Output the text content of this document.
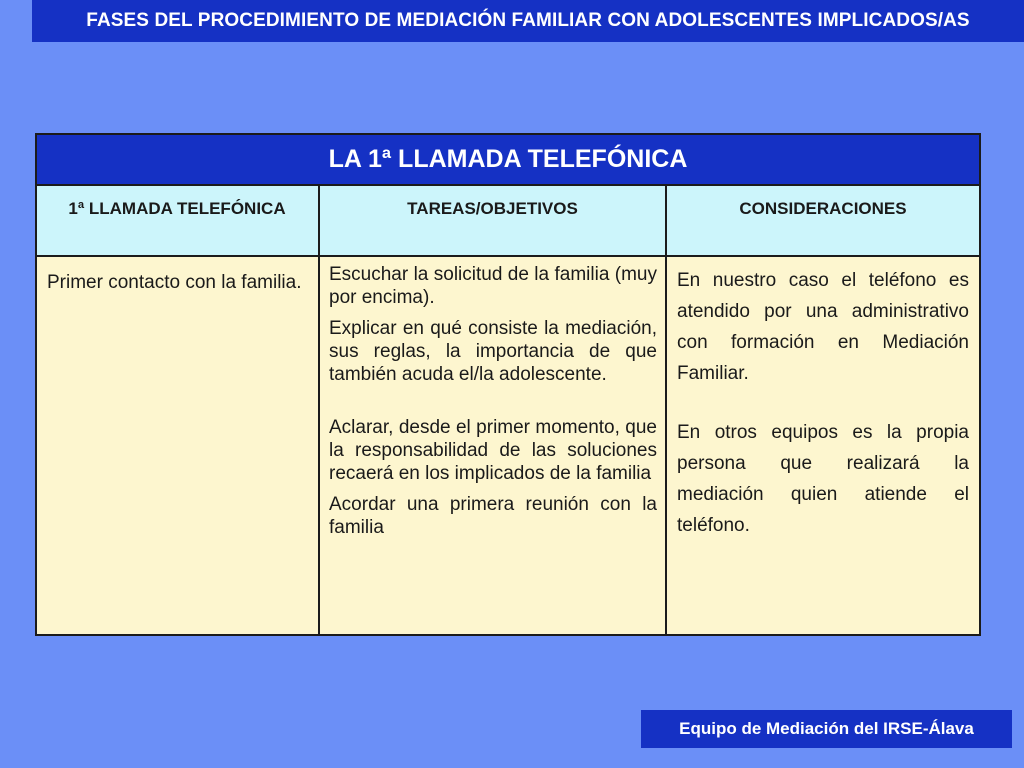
FASES DEL PROCEDIMIENTO DE MEDIACIÓN FAMILIAR CON ADOLESCENTES IMPLICADOS/AS
LA 1ª LLAMADA TELEFÓNICA
1ª LLAMADA TELEFÓNICA	TAREAS/OBJETIVOS	CONSIDERACIONES
Primer contacto con la familia. Escuchar la solicitud de la familia (muy por encima).

Explicar en qué consiste la mediación, sus reglas, la importancia de que también acuda el/la adolescente.

Aclarar, desde el primer momento, que la responsabilidad de las soluciones recaerá en los implicados de la familia

Acordar una primera reunión con la familia

En nuestro caso el teléfono es atendido por una administrativo con formación en Mediación Familiar.

En otros equipos es la propia persona que realizará la mediación quien atiende el teléfono.

Equipo de Mediación del IRSE-Álava
